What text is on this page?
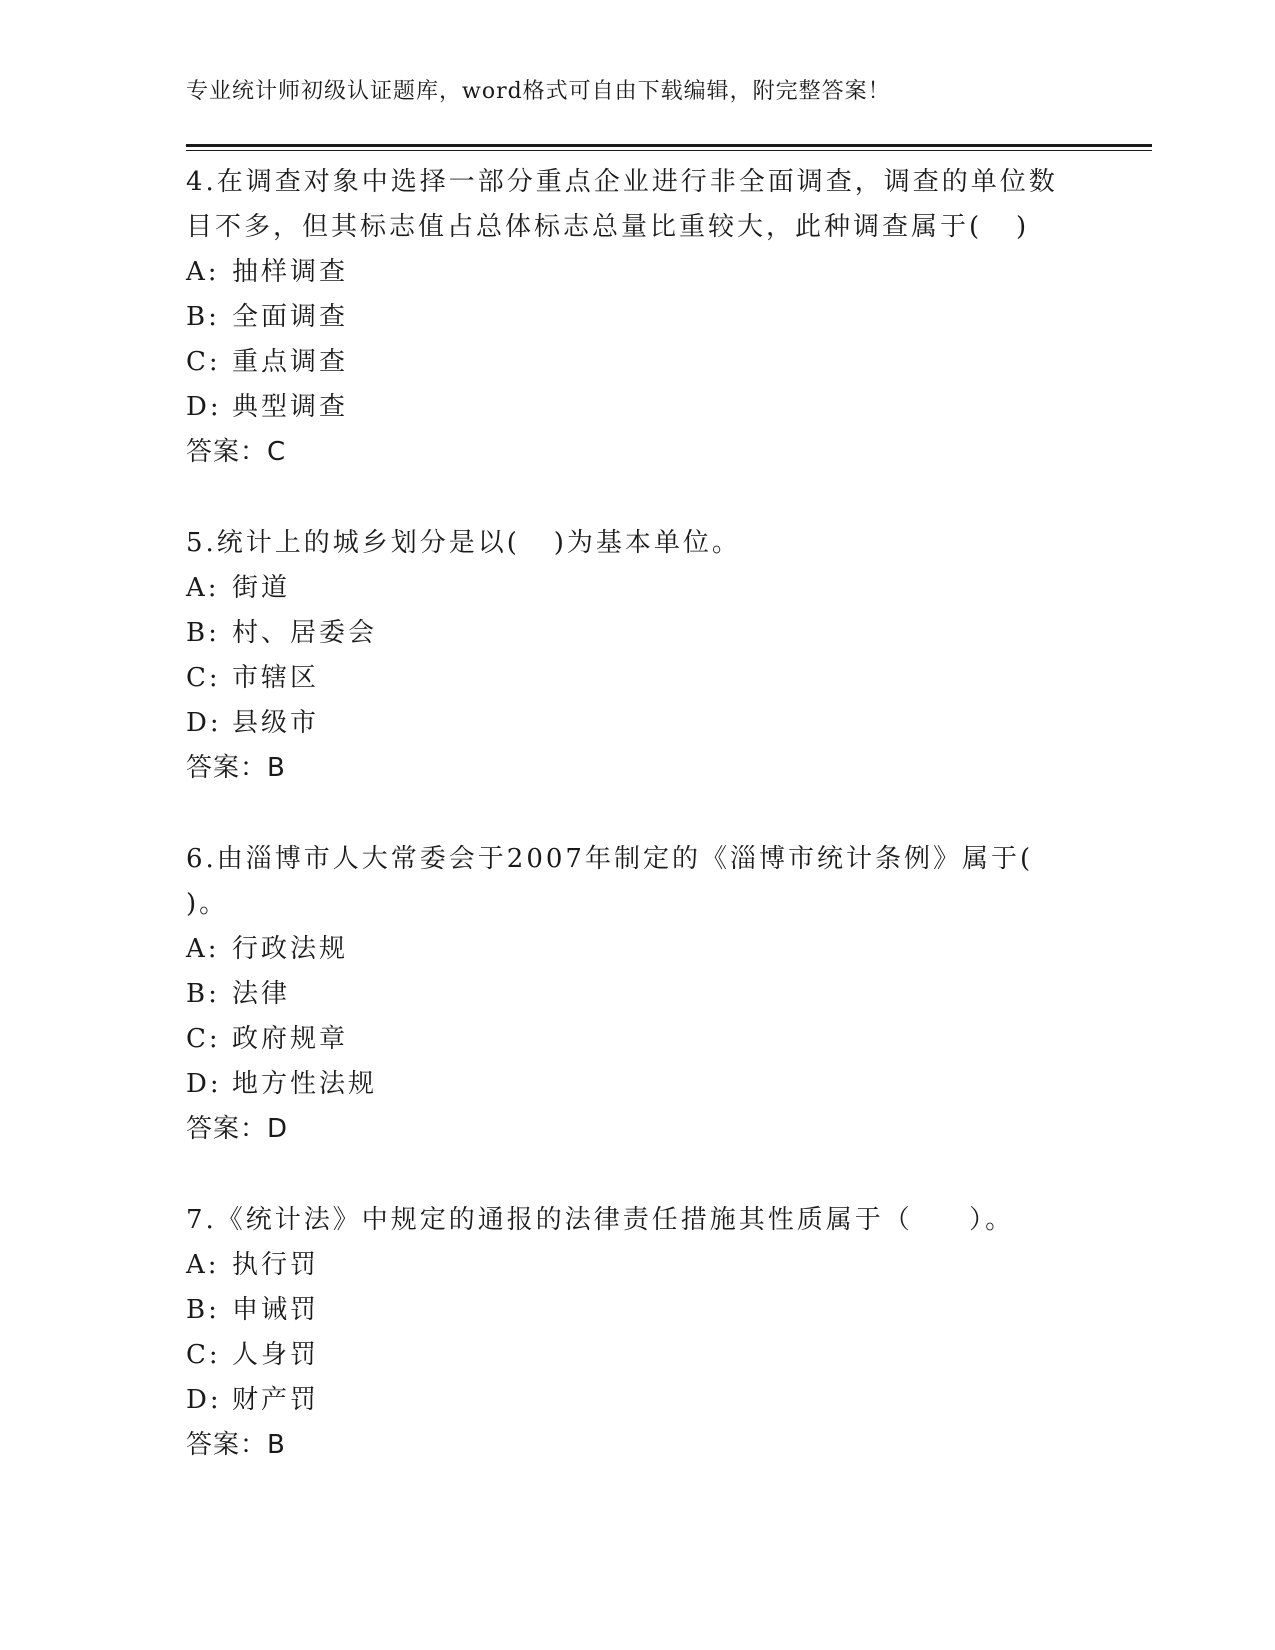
专业统计师初级认证题库，word格式可自由下载编辑，附完整答案！
4.在调查对象中选择一部分重点企业进行非全面调查，调查的单位数
目不多，但其标志值占总体标志总量比重较大，此种调查属于(   )
A: 抽样调查
B: 全面调查
C: 重点调查
D: 典型调查
答案：C
5.统计上的城乡划分是以(   )为基本单位。
A: 街道
B: 村、居委会
C: 市辖区
D: 县级市
答案：B
6.由淄博市人大常委会于2007年制定的《淄博市统计条例》属于(
)。
A: 行政法规
B: 法律
C: 政府规章
D: 地方性法规
答案：D
7.《统计法》中规定的通报的法律责任措施其性质属于（     ）。
A: 执行罚
B: 申诫罚
C: 人身罚
D: 财产罚
答案：B
